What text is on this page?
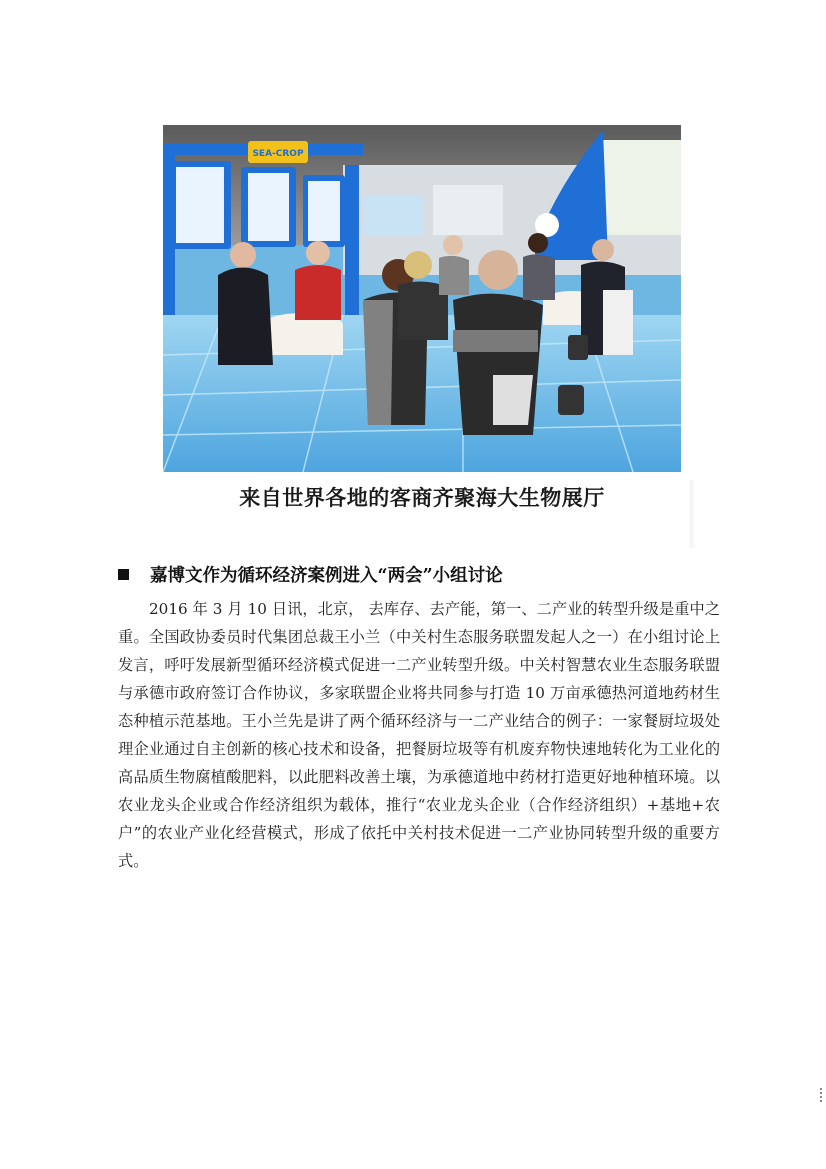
SEA-CROP
来自世界各地的客商齐聚海大生物展厅
嘉博文作为循环经济案例进入“两会”小组讨论

2016 年 3 月 10 日讯，北京， 去库存、去产能，第一、二产业的转型升级是重中之重。全国政协委员时代集团总裁王小兰（中关村生态服务联盟发起人之一）在小组讨论上发言，呼吁发展新型循环经济模式促进一二产业转型升级。中关村智慧农业生态服务联盟与承德市政府签订合作协议，多家联盟企业将共同参与打造 10 万亩承德热河道地药材生态种植示范基地。王小兰先是讲了两个循环经济与一二产业结合的例子：一家餐厨垃圾处理企业通过自主创新的核心技术和设备，把餐厨垃圾等有机废弃物快速地转化为工业化的高品质生物腐植酸肥料，以此肥料改善土壤，为承德道地中药材打造更好地种植环境。以农业龙头企业或合作经济组织为载体，推行“农业龙头企业（合作经济组织）+基地+农户”的农业产业化经营模式，形成了依托中关村技术促进一二产业协同转型升级的重要方式。
